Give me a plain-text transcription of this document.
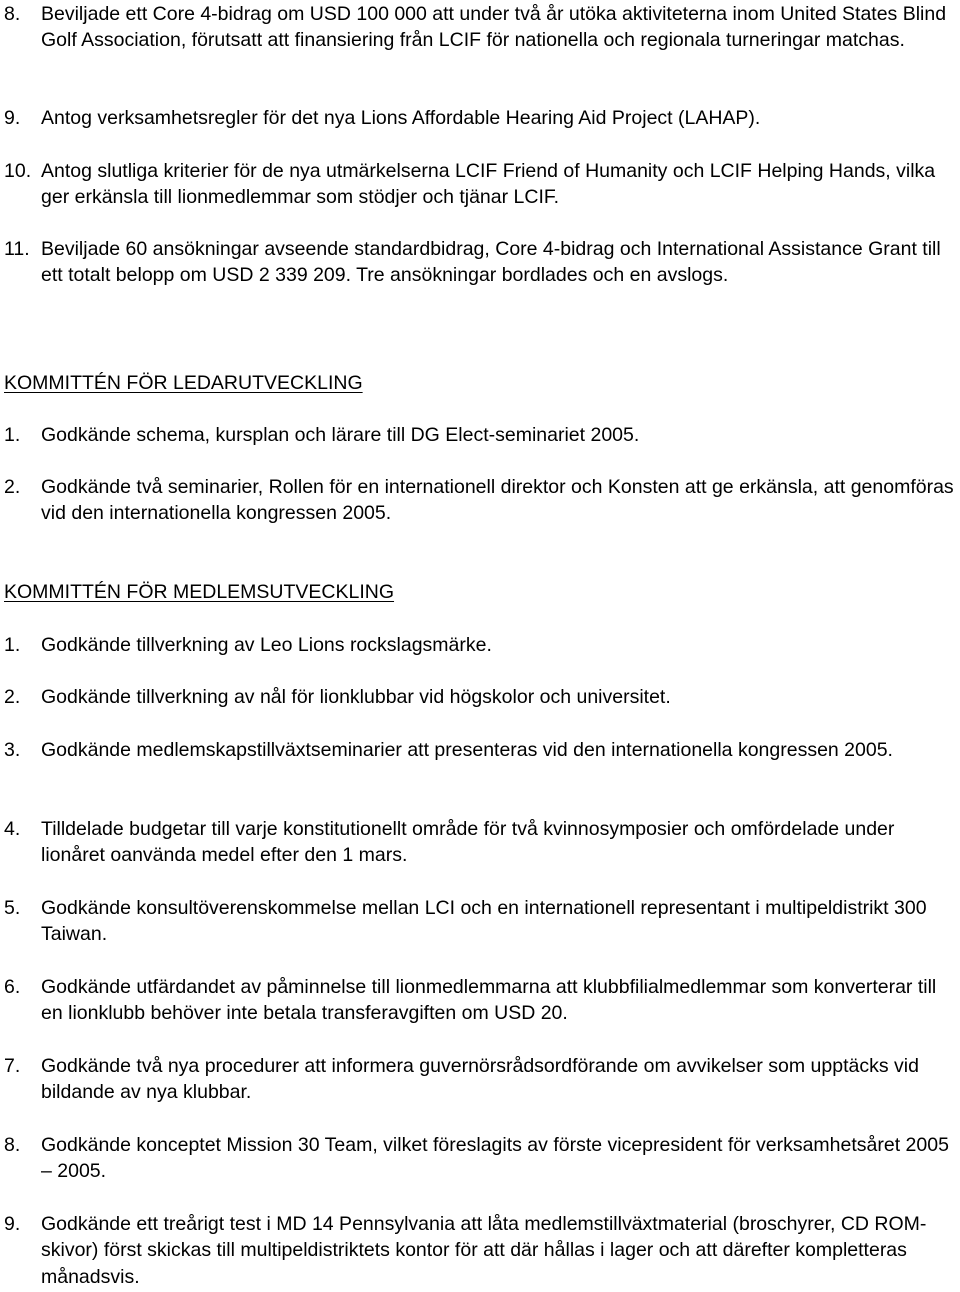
8.	Beviljade ett Core 4-bidrag om USD 100 000 att under två år utöka aktiviteterna inom United States Blind Golf Association, förutsatt att finansiering från LCIF för nationella och regionala turneringar matchas.
9.	Antog verksamhetsregler för det nya Lions Affordable Hearing Aid Project (LAHAP).
10. Antog slutliga kriterier för de nya utmärkelserna LCIF Friend of Humanity och LCIF Helping Hands, vilka ger erkänsla till lionmedlemmar som stödjer och tjänar LCIF.
11. Beviljade 60 ansökningar avseende standardbidrag, Core 4-bidrag och International Assistance Grant till ett totalt belopp om USD 2 339 209. Tre ansökningar bordlades och en avslogs.
KOMMITTÉN FÖR LEDARUTVECKLING
1.	Godkände schema, kursplan och lärare till DG Elect-seminariet 2005.
2.	Godkände två seminarier, Rollen för en internationell direktor och Konsten att ge erkänsla, att genomföras vid den internationella kongressen 2005.
KOMMITTÉN FÖR MEDLEMSUTVECKLING
1.	Godkände tillverkning av Leo Lions rockslagsmärke.
2.	Godkände tillverkning av nål för lionklubbar vid högskolor och universitet.
3.	Godkände medlemskapstillväxtseminarier att presenteras vid den internationella kongressen 2005.
4.	Tilldelade budgetar till varje konstitutionellt område för två kvinnosymposier och omfördelade under lionåret oanvända medel efter den 1 mars.
5.	Godkände konsultöverenskommelse mellan LCI och en internationell representant i multipeldistrikt 300 Taiwan.
6.	Godkände utfärdandet av påminnelse till lionmedlemmarna att klubbfilialmedlemmar som konverterar till en lionklubb behöver inte betala transferavgiften om USD 20.
7.	Godkände två nya procedurer att informera guvernörsrådsordförande om avvikelser som upptäcks vid bildande av nya klubbar.
8.	Godkände konceptet Mission 30 Team, vilket föreslagits av förste vicepresident för verksamhetsåret 2005 – 2005.
9.	Godkände ett treårigt test i MD 14 Pennsylvania att låta medlemstillväxtmaterial (broschyrer, CD ROM-skivor) först skickas till multipeldistriktets kontor för att där hållas i lager och att därefter kompletteras månadsvis.
